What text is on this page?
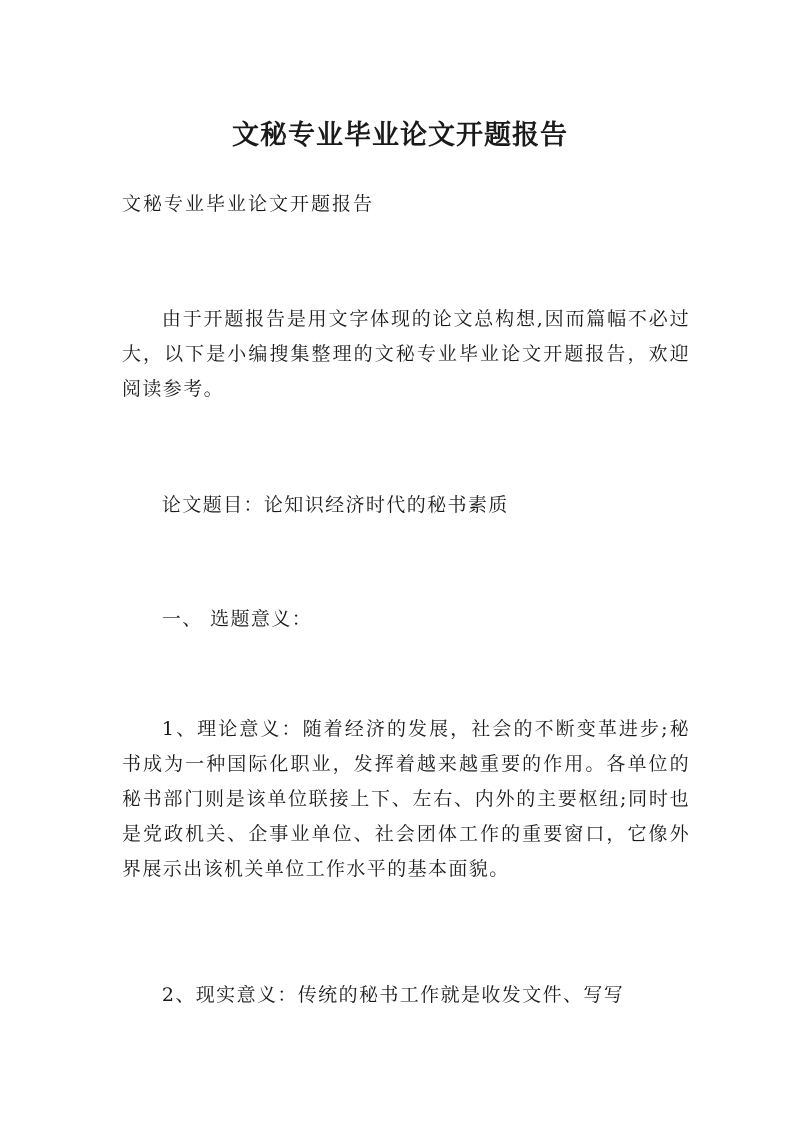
文秘专业毕业论文开题报告
文秘专业毕业论文开题报告

由于开题报告是用文字体现的论文总构想,因而篇幅不必过大，以下是小编搜集整理的文秘专业毕业论文开题报告，欢迎阅读参考。

论文题目：论知识经济时代的秘书素质

一、 选题意义：

1、理论意义：随着经济的发展，社会的不断变革进步;秘书成为一种国际化职业，发挥着越来越重要的作用。各单位的秘书部门则是该单位联接上下、左右、内外的主要枢纽;同时也是党政机关、企事业单位、社会团体工作的重要窗口，它像外界展示出该机关单位工作水平的基本面貌。

2、现实意义：传统的秘书工作就是收发文件、写写
